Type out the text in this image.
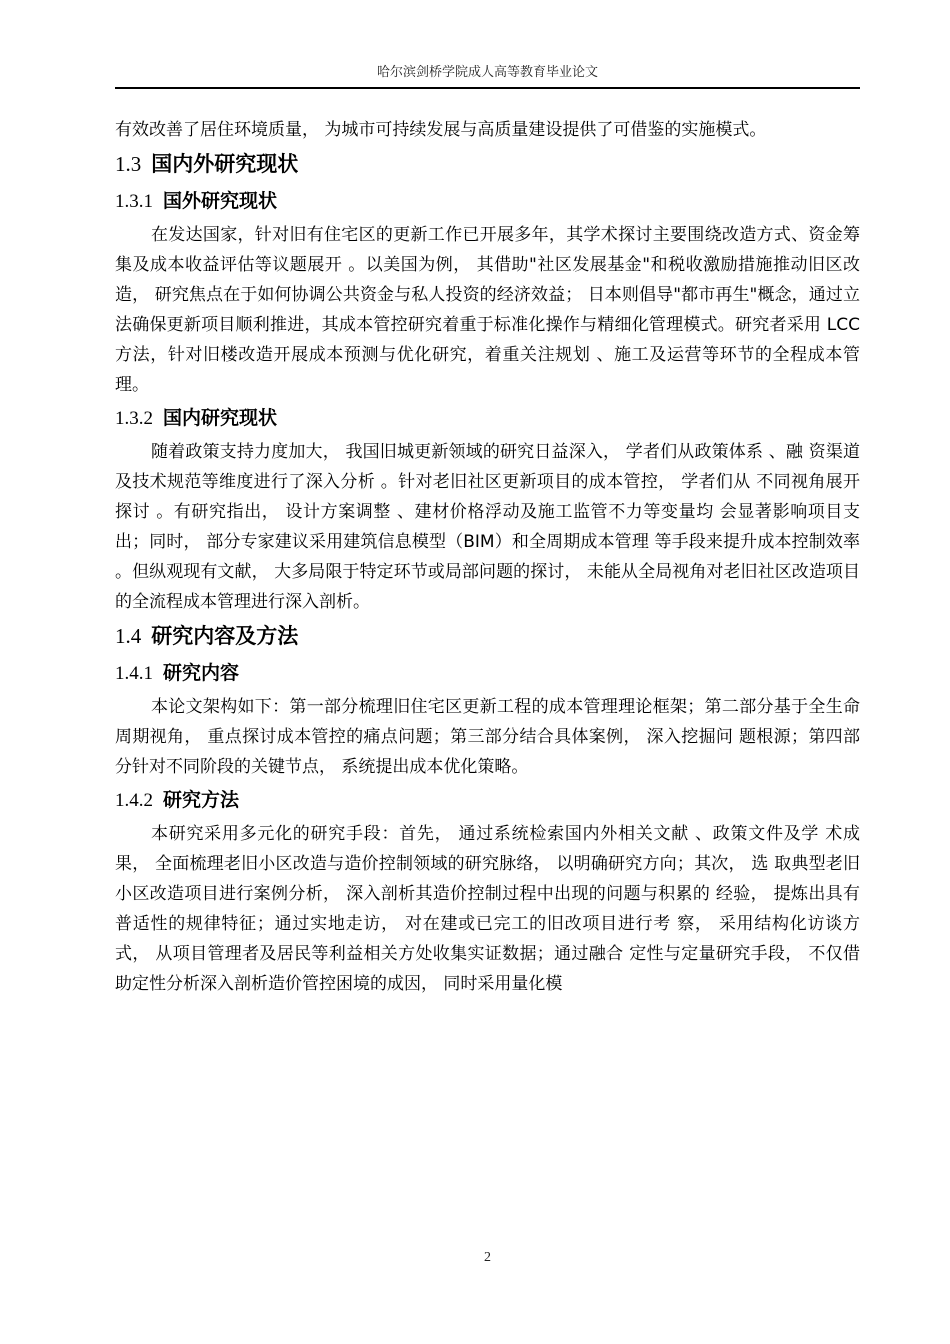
哈尔滨剑桥学院成人高等教育毕业论文

有效改善了居住环境质量， 为城市可持续发展与高质量建设提供了可借鉴的实施模式。

1.3 国内外研究现状
1.3.1 国外研究现状

在发达国家，针对旧有住宅区的更新工作已开展多年，其学术探讨主要围绕改造方式、资金筹集及成本收益评估等议题展开 。以美国为例， 其借助"社区发展基金"和税收激励措施推动旧区改造， 研究焦点在于如何协调公共资金与私人投资的经济效益； 日本则倡导"都市再生"概念，通过立法确保更新项目顺利推进，其成本管控研究着重于标准化操作与精细化管理模式。研究者采用 LCC 方法，针对旧楼改造开展成本预测与优化研究，着重关注规划 、施工及运营等环节的全程成本管理。

1.3.2 国内研究现状

随着政策支持力度加大， 我国旧城更新领域的研究日益深入， 学者们从政策体系 、融 资渠道及技术规范等维度进行了深入分析 。针对老旧社区更新项目的成本管控， 学者们从 不同视角展开探讨 。有研究指出， 设计方案调整 、建材价格浮动及施工监管不力等变量均 会显著影响项目支出；同时， 部分专家建议采用建筑信息模型（BIM）和全周期成本管理 等手段来提升成本控制效率 。但纵观现有文献， 大多局限于特定环节或局部问题的探讨， 未能从全局视角对老旧社区改造项目的全流程成本管理进行深入剖析。

1.4 研究内容及方法
1.4.1 研究内容

本论文架构如下：第一部分梳理旧住宅区更新工程的成本管理理论框架；第二部分基于全生命周期视角， 重点探讨成本管控的痛点问题；第三部分结合具体案例， 深入挖掘问 题根源；第四部分针对不同阶段的关键节点， 系统提出成本优化策略。

1.4.2 研究方法

本研究采用多元化的研究手段：首先， 通过系统检索国内外相关文献 、政策文件及学 术成果， 全面梳理老旧小区改造与造价控制领域的研究脉络， 以明确研究方向；其次， 选 取典型老旧小区改造项目进行案例分析， 深入剖析其造价控制过程中出现的问题与积累的 经验， 提炼出具有普适性的规律特征；通过实地走访， 对在建或已完工的旧改项目进行考 察， 采用结构化访谈方式， 从项目管理者及居民等利益相关方处收集实证数据；通过融合 定性与定量研究手段， 不仅借助定性分析深入剖析造价管控困境的成因， 同时采用量化模

2
